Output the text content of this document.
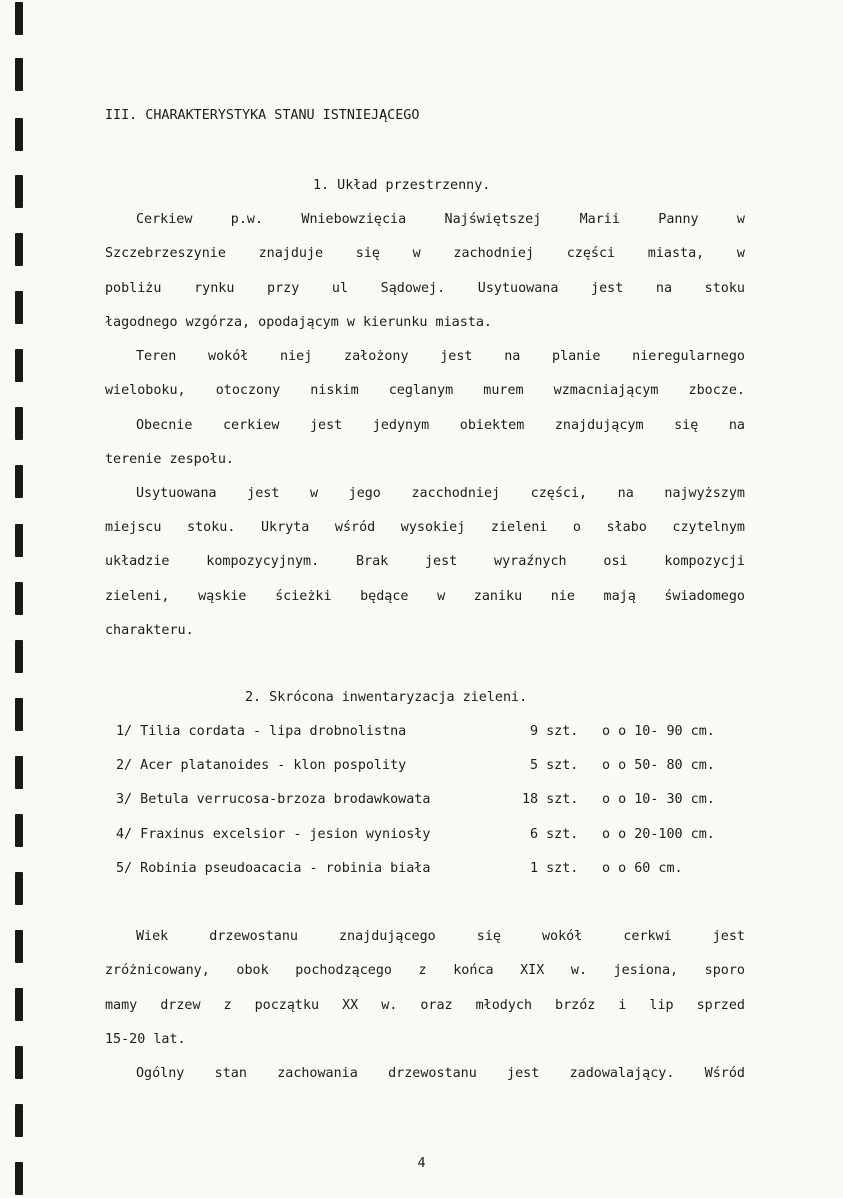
III. CHARAKTERYSTYKA STANU ISTNIEJĄCEGO
1. Układ przestrzenny.
Cerkiew p.w. Wniebowzięcia Najświętszej Marii Panny w
Szczebrzeszynie znajduje się w zachodniej części miasta, w
pobliżu rynku przy ul Sądowej. Usytuowana jest na stoku
łagodnego wzgórza, opodającym w kierunku miasta.
Teren wokół niej założony jest na planie nieregularnego
wieloboku, otoczony niskim ceglanym murem wzmacniającym zbocze.
Obecnie cerkiew jest jedynym obiektem znajdującym się na
terenie zespołu.
Usytuowana jest w jego zacchodniej części, na najwyższym
miejscu stoku. Ukryta wśród wysokiej zieleni o słabo czytelnym
układzie kompozycyjnym. Brak jest wyraźnych osi kompozycji
zieleni, wąskie ścieżki będące w zaniku nie mają świadomego
charakteru.
2. Skrócona inwentaryzacja zieleni.
1/ Tilia cordata - lipa drobnolistna	9 szt. o o 10- 90 cm.
2/ Acer platanoides - klon pospolity	5 szt. o o 50- 80 cm.
3/ Betula verrucosa-brzoza brodawkowata	18 szt. o o 10- 30 cm.
4/ Fraxinus excelsior - jesion wyniosły	6 szt. o o 20-100 cm.
5/ Robinia pseudoacacia - robinia biała	1 szt. o o 60 cm.
Wiek drzewostanu znajdującego się wokół cerkwi jest
zróżnicowany, obok pochodzącego z końca XIX w. jesiona, sporo
mamy drzew z początku XX w. oraz młodych brzóz i lip sprzed
15-20 lat.
Ogólny stan zachowania drzewostanu jest zadowalający. Wśród
4
